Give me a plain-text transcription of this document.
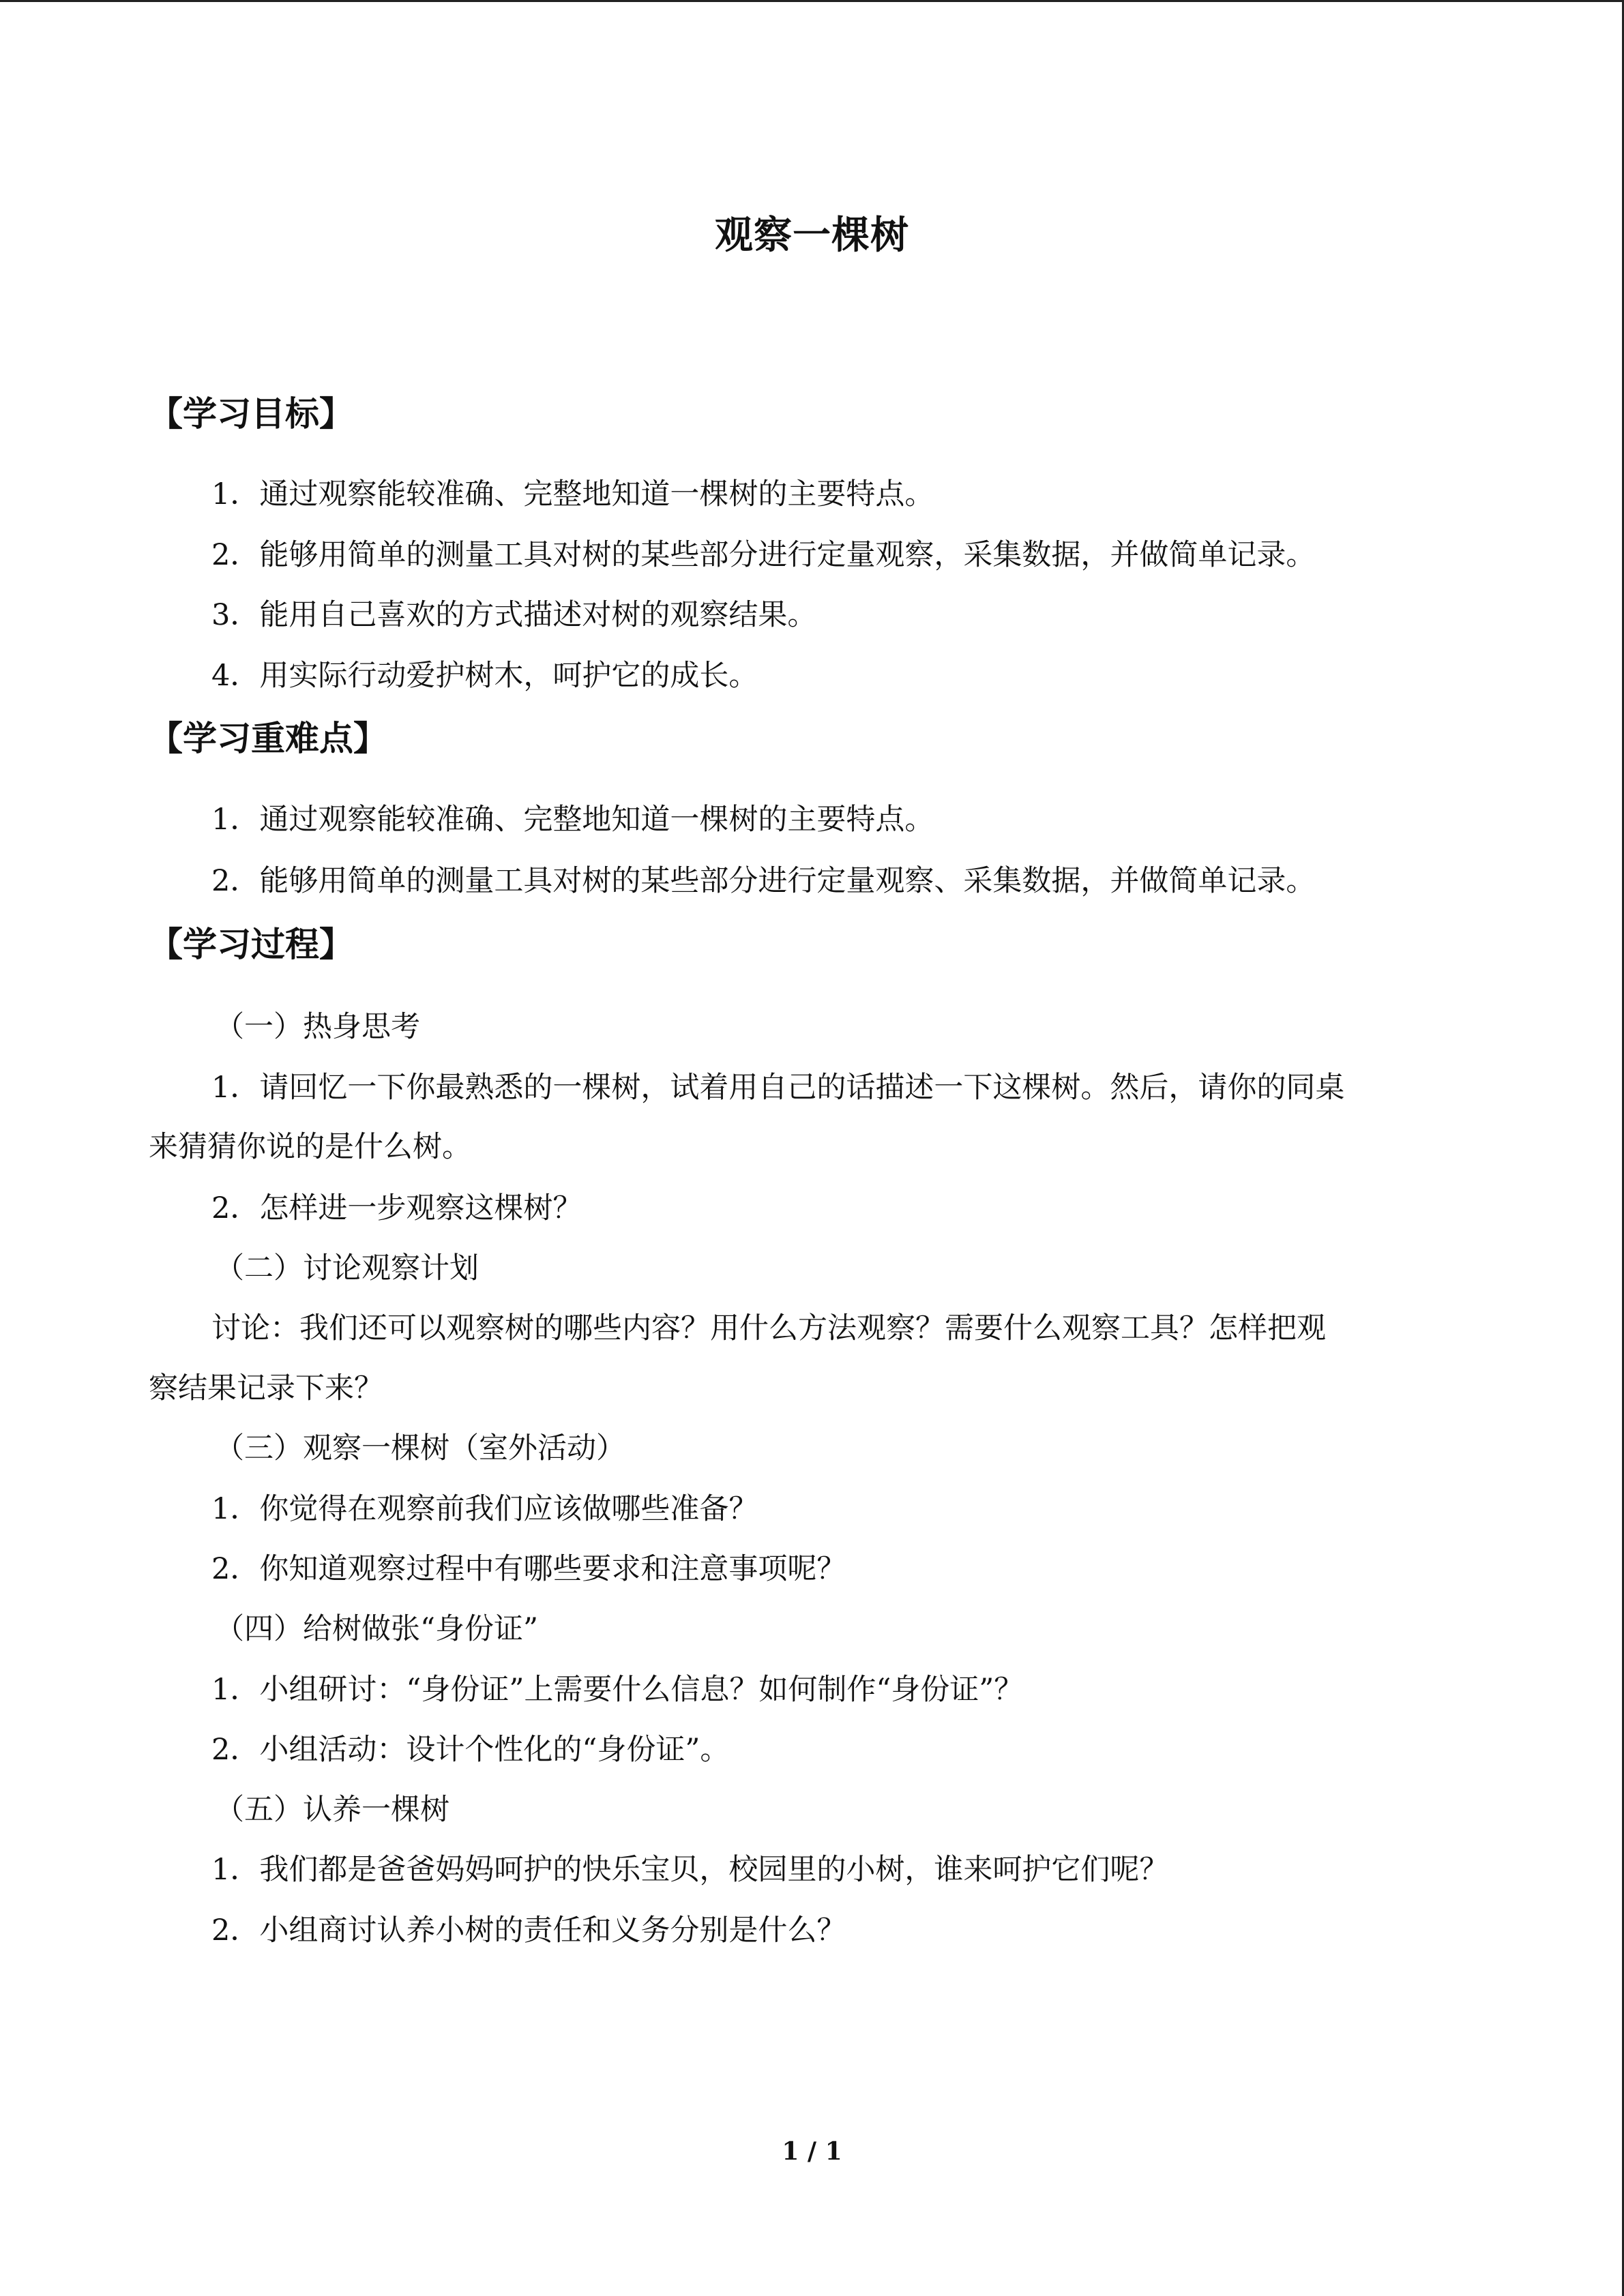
观察一棵树
【学习目标】
1．通过观察能较准确、完整地知道一棵树的主要特点。
2．能够用简单的测量工具对树的某些部分进行定量观察，采集数据，并做简单记录。
3．能用自己喜欢的方式描述对树的观察结果。
4．用实际行动爱护树木，呵护它的成长。
【学习重难点】
1．通过观察能较准确、完整地知道一棵树的主要特点。
2．能够用简单的测量工具对树的某些部分进行定量观察、采集数据，并做简单记录。
【学习过程】
（一）热身思考
1．请回忆一下你最熟悉的一棵树，试着用自己的话描述一下这棵树。然后，请你的同桌
来猜猜你说的是什么树。
2．怎样进一步观察这棵树？
（二）讨论观察计划
讨论：我们还可以观察树的哪些内容？用什么方法观察？需要什么观察工具？怎样把观
察结果记录下来？
（三）观察一棵树（室外活动）
1．你觉得在观察前我们应该做哪些准备？
2．你知道观察过程中有哪些要求和注意事项呢？
（四）给树做张“身份证”
1．小组研讨：“身份证”上需要什么信息？如何制作“身份证”？
2．小组活动：设计个性化的“身份证”。
（五）认养一棵树
1．我们都是爸爸妈妈呵护的快乐宝贝，校园里的小树，谁来呵护它们呢？
2．小组商讨认养小树的责任和义务分别是什么？
1 / 1
